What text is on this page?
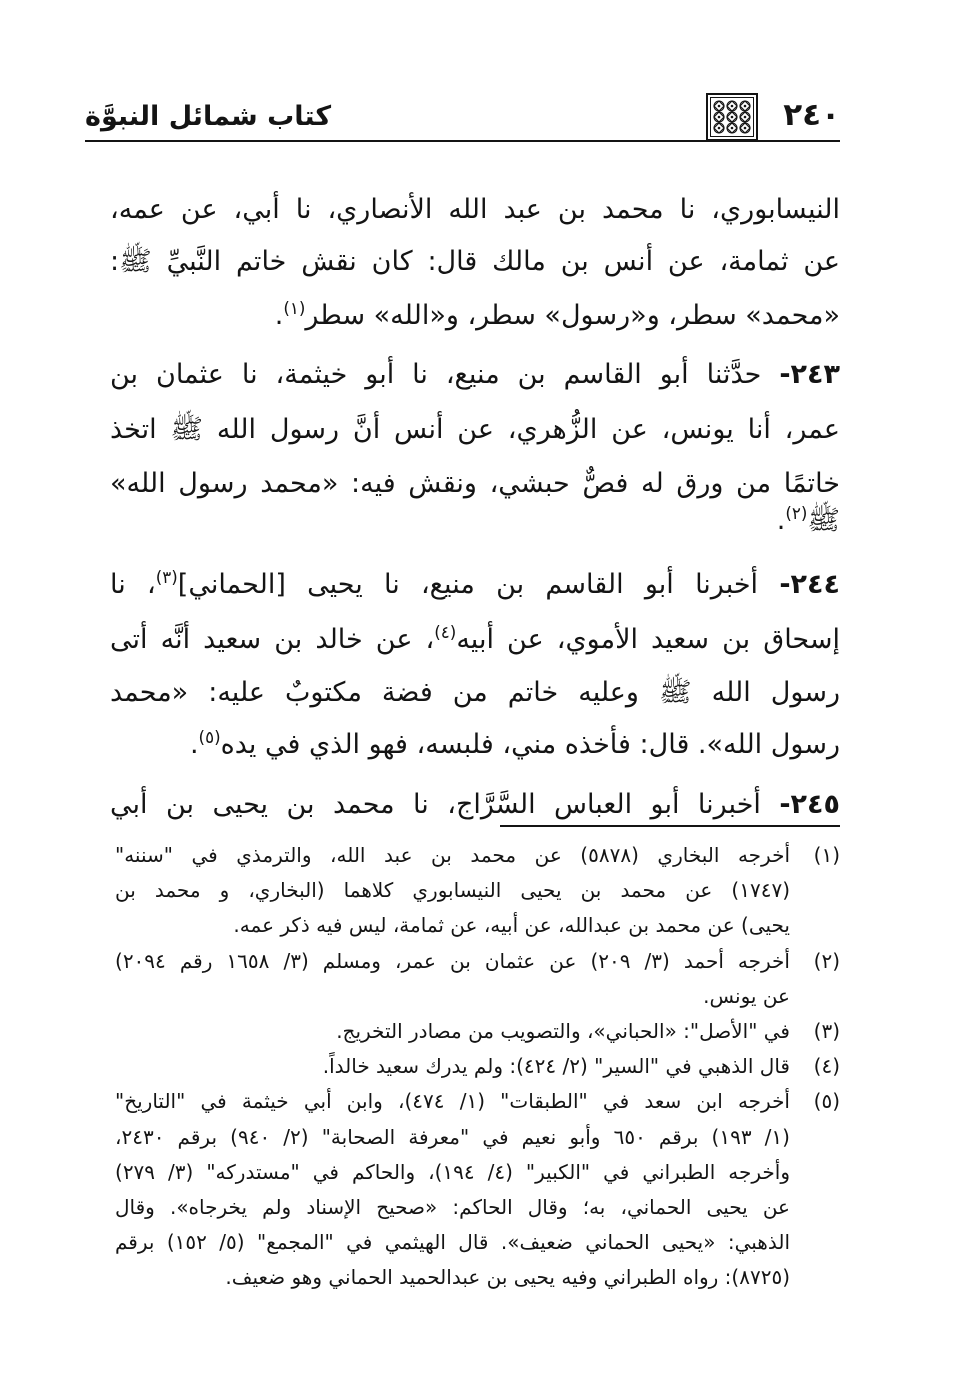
٢٤٠
كتاب شمائل النبوَّة
النيسابوري، نا محمد بن عبد الله الأنصاري، نا أبي، عن عمه،
عن ثمامة، عن أنس بن مالك قال: كان نقش خاتم النَّبيِّ ﷺ:
«محمد» سطر، و«رسول» سطر، و«الله» سطر$^{(١)}$.
٢٤٣- حدَّثنا أبو القاسم بن منيع، نا أبو خيثمة، نا عثمان بن
عمر، أنا يونس، عن الزُّهري، عن أنس أنَّ رسول الله ﷺ اتخذ
خاتمًا من ورق له فصٌّ حبشي، ونقش فيه: «محمد رسول الله»
ﷺ$^{(٢)}$.
٢٤٤- أخبرنا أبو القاسم بن منيع، نا يحيى [الحماني]$^{(٣)}$، نا
إسحاق بن سعيد الأموي، عن أبيه$^{(٤)}$، عن خالد بن سعيد أنَّه أتى
رسول الله ﷺ وعليه خاتم من فضة مكتوبٌ عليه: «محمد
رسول الله». قال: فأخذه مني، فلبسه، فهو الذي في يده$^{(٥)}$.
٢٤٥- أخبرنا أبو العباس السَّرَّاج، نا محمد بن يحيى بن أبي
(١)
أخرجه البخاري (٥٨٧٨) عن محمد بن عبد الله، والترمذي في "سننه"
(١٧٤٧) عن محمد بن يحيى النيسابوري كلاهما (البخاري، و محمد بن
يحيى) عن محمد بن عبدالله، عن أبيه، عن ثمامة، ليس فيه ذكر عمه.
(٢)
أخرجه أحمد (٣/ ٢٠٩) عن عثمان بن عمر، ومسلم (٣/ ١٦٥٨ رقم ٢٠٩٤)
عن يونس.
(٣)
في "الأصل": «الحباني»، والتصويب من مصادر التخريج.
(٤)
قال الذهبي في "السير" (٢/ ٤٢٤): ولم يدرك سعيد خالداً.
(٥)
أخرجه ابن سعد في "الطبقات" (١/ ٤٧٤)، وابن أبي خيثمة في "التاريخ"
(١/ ١٩٣) برقم ٦٥٠ وأبو نعيم في "معرفة الصحابة" (٢/ ٩٤٠) برقم ٢٤٣٠،
وأخرجه الطبراني في "الكبير" (٤/ ١٩٤)، والحاكم في "مستدركه" (٣/ ٢٧٩)
عن يحيى الحماني، به؛ وقال الحاكم: «صحيح الإسناد ولم يخرجاه». وقال
الذهبي: «يحيى الحماني ضعيف». قال الهيثمي في "المجمع" (٥/ ١٥٢) برقم
(٨٧٢٥): رواه الطبراني وفيه يحيى بن عبدالحميد الحماني وهو ضعيف.
